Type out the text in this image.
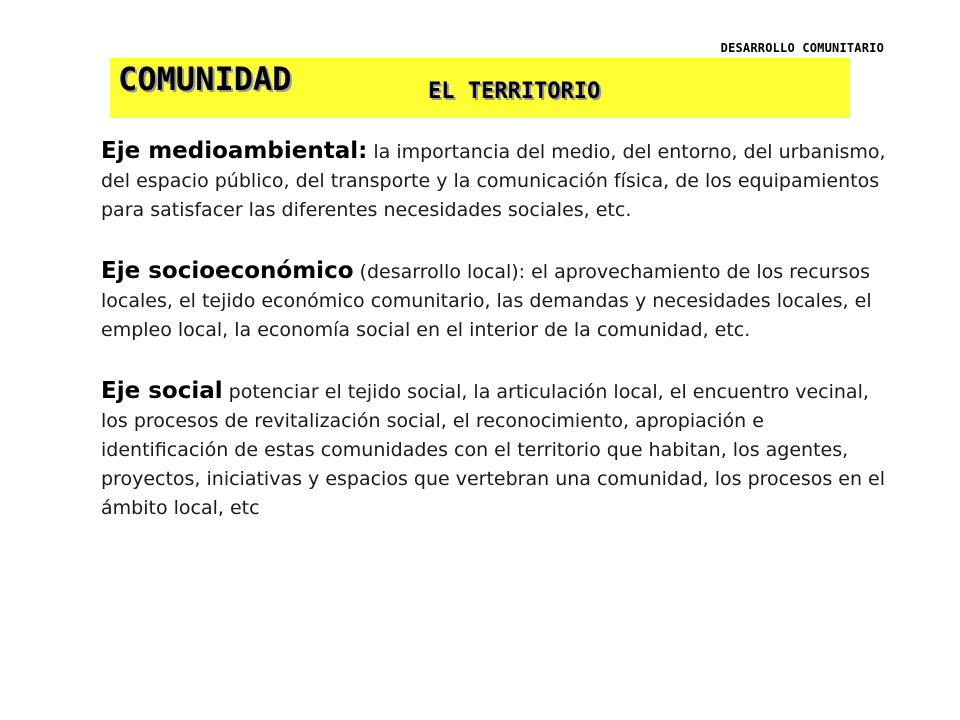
DESARROLLO COMUNITARIO
COMUNIDAD	EL TERRITORIO

Eje medioambiental: la importancia del medio, del entorno, del urbanismo, del espacio público, del transporte y la comunicación física, de los equipamientos para satisfacer las diferentes necesidades sociales, etc.

Eje socioeconómico (desarrollo local): el aprovechamiento de los recursos locales, el tejido económico comunitario, las demandas y necesidades locales, el empleo local, la economía social en el interior de la comunidad, etc.

Eje social potenciar el tejido social, la articulación local, el encuentro vecinal, los procesos de revitalización social, el reconocimiento, apropiación e identificación de estas comunidades con el territorio que habitan, los agentes, proyectos, iniciativas y espacios que vertebran una comunidad, los procesos en el ámbito local, etc
